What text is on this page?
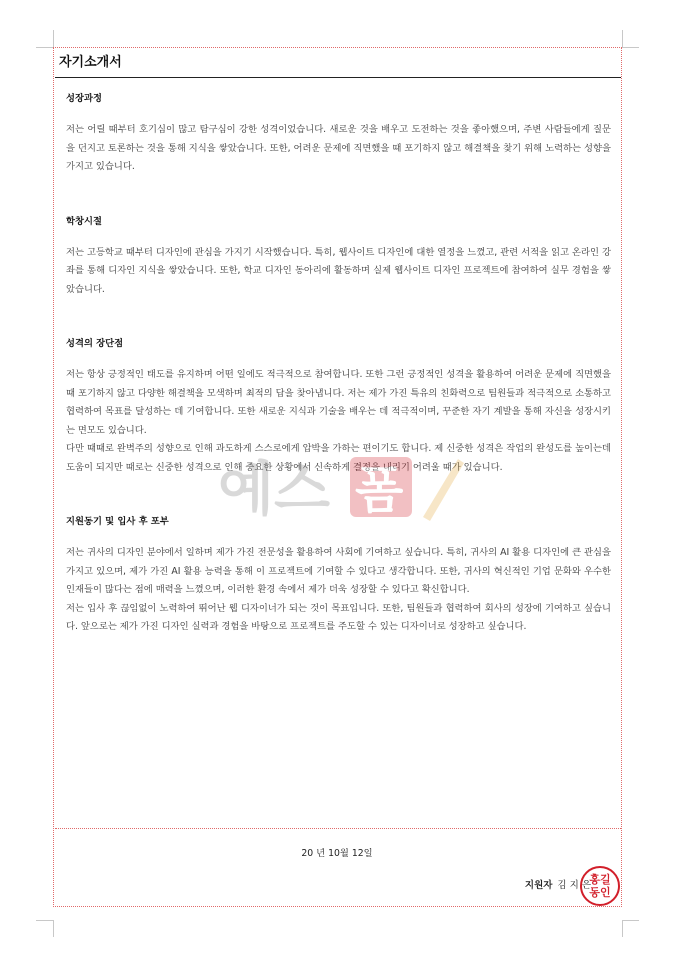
자기소개서
성장과정
저는 어릴 때부터 호기심이 많고 탐구심이 강한 성격이었습니다. 새로운 것을 배우고 도전하는 것을 좋아했으며, 주변 사람들에게 질문을 던지고 토론하는 것을 통해 지식을 쌓았습니다. 또한, 어려운 문제에 직면했을 때 포기하지 않고 해결책을 찾기 위해 노력하는 성향을 가지고 있습니다.
학창시절
저는 고등학교 때부터 디자인에 관심을 가지기 시작했습니다. 특히, 웹사이트 디자인에 대한 열정을 느꼈고, 관련 서적을 읽고 온라인 강좌를 통해 디자인 지식을 쌓았습니다. 또한, 학교 디자인 동아리에 활동하며 실제 웹사이트 디자인 프로젝트에 참여하여 실무 경험을 쌓았습니다.
성격의 장단점
저는 항상 긍정적인 태도를 유지하며 어떤 일에도 적극적으로 참여합니다. 또한 그런 긍정적인 성격을 활용하여 어려운 문제에 직면했을 때 포기하지 않고 다양한 해결책을 모색하며 최적의 답을 찾아냅니다. 저는 제가 가진 특유의 친화력으로 팀원들과 적극적으로 소통하고 협력하여 목표를 달성하는 데 기여합니다. 또한 새로운 지식과 기술을 배우는 데 적극적이며, 꾸준한 자기 계발을 통해 자신을 성장시키는 면모도 있습니다.
다만 때때로 완벽주의 성향으로 인해 과도하게 스스로에게 압박을 가하는 편이기도 합니다. 제 신중한 성격은 작업의 완성도를 높이는데 도움이 되지만 때로는 신중한 성격으로 인해 중요한 상황에서 신속하게 결정을 내리기 어려울 때가 있습니다.
지원동기 및 입사 후 포부
저는 귀사의 디자인 분야에서 일하며 제가 가진 전문성을 활용하여 사회에 기여하고 싶습니다. 특히, 귀사의 AI 활용 디자인에 큰 관심을 가지고 있으며, 제가 가진 AI 활용 능력을 통해 이 프로젝트에 기여할 수 있다고 생각합니다. 또한, 귀사의 혁신적인 기업 문화와 우수한 인재들이 많다는 점에 매력을 느꼈으며, 이러한 환경 속에서 제가 더욱 성장할 수 있다고 확신합니다.
저는 입사 후 끊임없이 노력하여 뛰어난 웹 디자이너가 되는 것이 목표입니다. 또한, 팀원들과 협력하여 회사의 성장에 기여하고 싶습니다. 앞으로는 제가 가진 디자인 실력과 경험을 바탕으로 프로젝트를 주도할 수 있는 디자이너로 성장하고 싶습니다.
예스 폼
20 년 10월 12일
지원자 김 지 은
홍길
동인
